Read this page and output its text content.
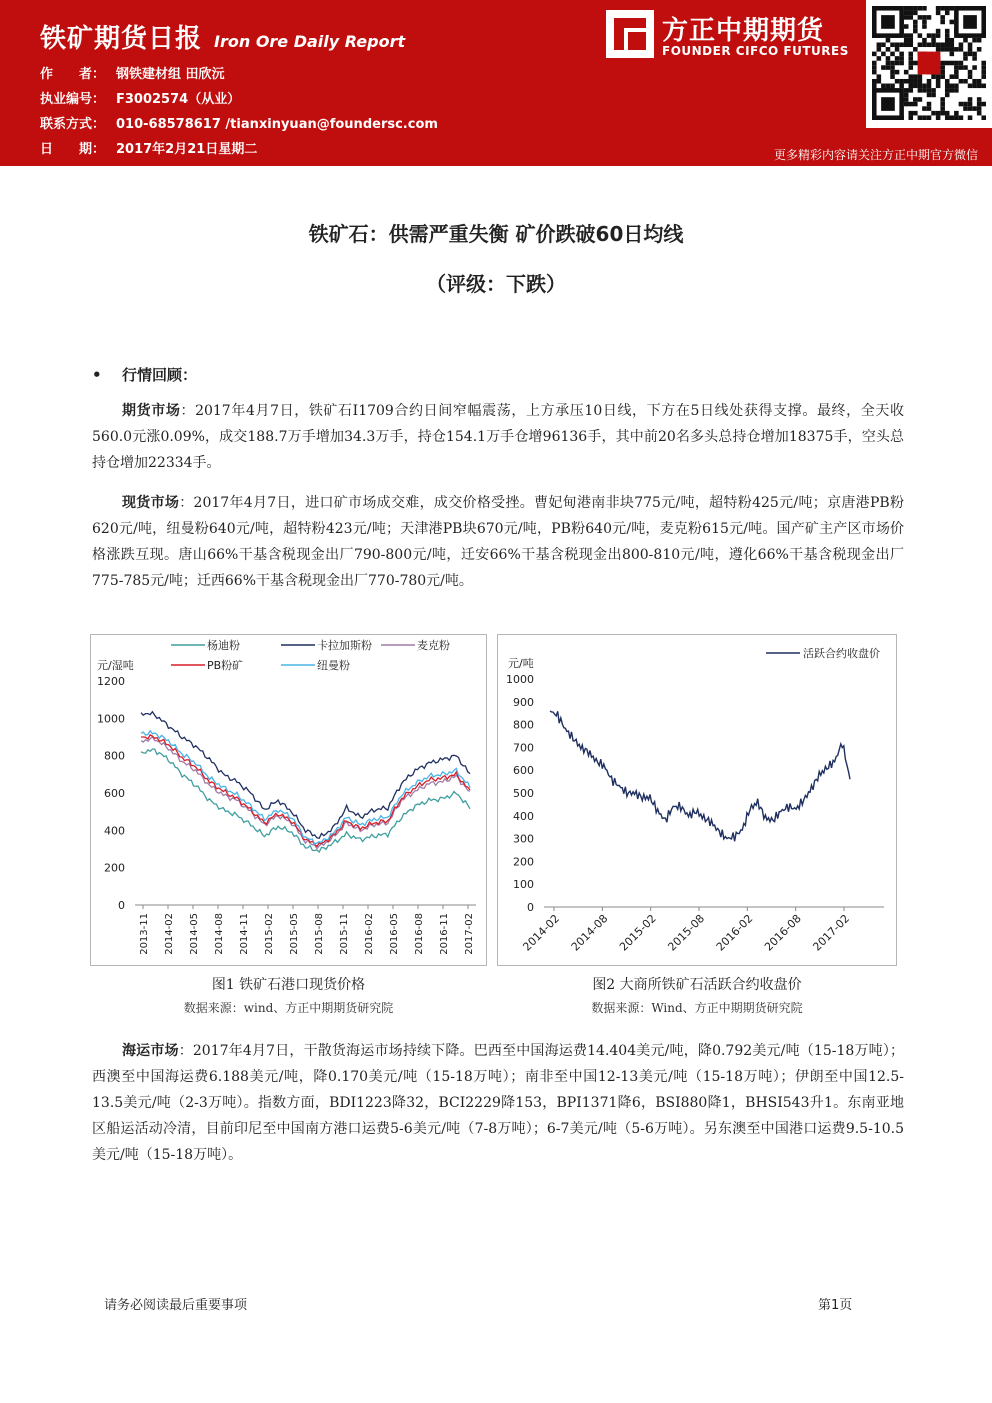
铁矿期货日报 Iron Ore Daily Report
作　　者： 钢铁建材组 田欣沅
执业编号： F3002574（从业）
联系方式： 010-68578617 /tianxinyuan@foundersc.com
日　　期： 2017年2月21日星期二
方正中期期货
FOUNDER CIFCO FUTURES
更多精彩内容请关注方正中期官方微信
铁矿石：供需严重失衡 矿价跌破60日均线
（评级：下跌）
• 行情回顾：
期货市场：2017年4月7日，铁矿石I1709合约日间窄幅震荡，上方承压10日线，下方在5日线处获得支撑。最终，全天收560.0元涨0.09%，成交188.7万手增加34.3万手，持仓154.1万手仓增96136手，其中前20名多头总持仓增加18375手，空头总持仓增加22334手。
现货市场：2017年4月7日，进口矿市场成交难，成交价格受挫。曹妃甸港南非块775元/吨，超特粉425元/吨；京唐港PB粉620元/吨，纽曼粉640元/吨，超特粉423元/吨；天津港PB块670元/吨，PB粉640元/吨，麦克粉615元/吨。国产矿主产区市场价格涨跌互现。唐山66%干基含税现金出厂790-800元/吨，迁安66%干基含税现金出800-810元/吨，遵化66%干基含税现金出厂775-785元/吨；迁西66%干基含税现金出厂770-780元/吨。
元/湿吨
0
200
400
600
800
1000
1200
2013-11 2014-02 2014-05 2014-08 2014-11 2015-02 2015-05 2015-08 2015-11 2016-02 2016-05 2016-08 2016-11 2017-02
杨迪粉	卡拉加斯粉	麦克粉
PB粉矿	纽曼粉	元/吨
0
100
200
300
400
500
600
700
800
900
1000
2014-02 2014-08 2015-02 2015-08 2016-02 2016-08 2017-02
活跃合约收盘价
图1 铁矿石港口现货价格
数据来源：wind、方正中期期货研究院
图2 大商所铁矿石活跃合约收盘价
数据来源：Wind、方正中期期货研究院
海运市场：2017年4月7日，干散货海运市场持续下降。巴西至中国海运费14.404美元/吨，降0.792美元/吨（15-18万吨）；西澳至中国海运费6.188美元/吨，降0.170美元/吨（15-18万吨）；南非至中国12-13美元/吨（15-18万吨）；伊朗至中国12.5-13.5美元/吨（2-3万吨）。指数方面，BDI1223降32，BCI2229降153，BPI1371降6，BSI880降1，BHSI543升1。东南亚地区船运活动冷清，目前印尼至中国南方港口运费5-6美元/吨（7-8万吨）；6-7美元/吨（5-6万吨）。另东澳至中国港口运费9.5-10.5美元/吨（15-18万吨）。
请务必阅读最后重要事项	第1页
